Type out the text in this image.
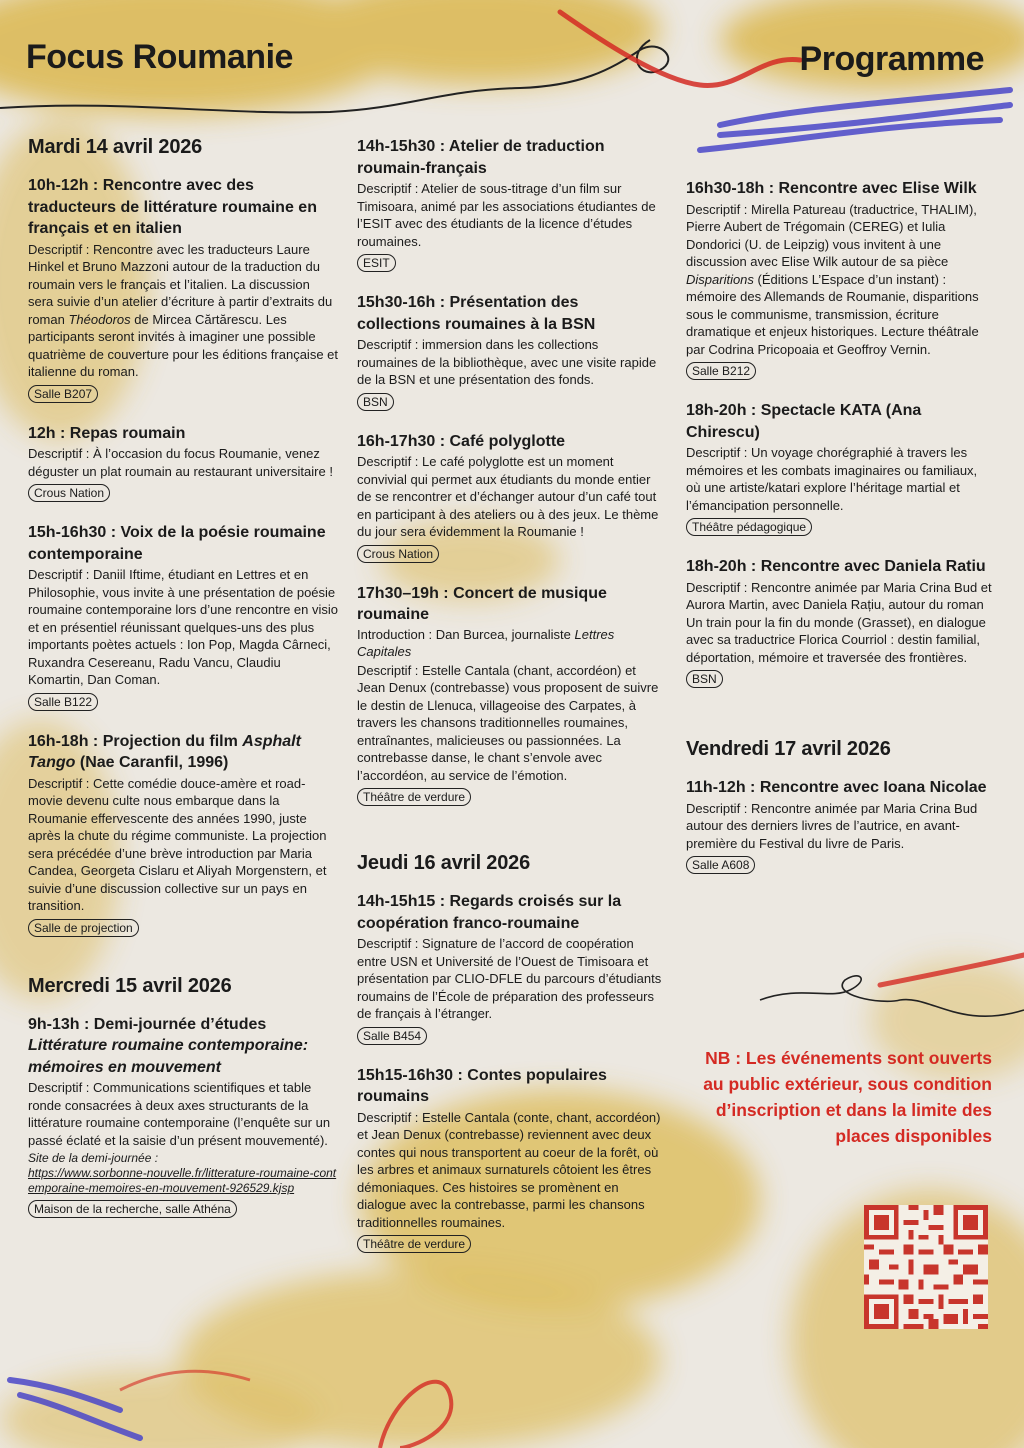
Focus Roumanie	Programme
Mardi 14 avril 2026
10h-12h : Rencontre avec des traducteurs de littérature roumaine en français et en italien
Descriptif : Rencontre avec les traducteurs Laure Hinkel et Bruno Mazzoni autour de la traduction du roumain vers le français et l’italien. La discussion sera suivie d’un atelier d’écriture à partir d’extraits du roman Théodoros de Mircea Cărtărescu. Les participants seront invités à imaginer une possible quatrième de couverture pour les éditions française et italienne du roman.
Salle B207
12h : Repas roumain
Descriptif : À l’occasion du focus Roumanie, venez déguster un plat roumain au restaurant universitaire !
Crous Nation
15h-16h30 : Voix de la poésie roumaine contemporaine
Descriptif : Daniil Iftime, étudiant en Lettres et en Philosophie, vous invite à une présentation de poésie roumaine contemporaine lors d’une rencontre en visio et en présentiel réunissant quelques-uns des plus importants poètes actuels : Ion Pop, Magda Cârneci, Ruxandra Cesereanu, Radu Vancu, Claudiu Komartin, Dan Coman.
Salle B122
16h-18h : Projection du film Asphalt Tango (Nae Caranfil, 1996)
Descriptif : Cette comédie douce-amère et road-movie devenu culte nous embarque dans la Roumanie effervescente des années 1990, juste après la chute du régime communiste. La projection sera précédée d’une brève introduction par Maria Candea, Georgeta Cislaru et Aliyah Morgenstern, et suivie d’une discussion collective sur un pays en transition.
Salle de projection
Mercredi 15 avril 2026
9h-13h : Demi-journée d’études
Littérature roumaine contemporaine: mémoires en mouvement
Descriptif : Communications scientifiques et table ronde consacrées à deux axes structurants de la littérature roumaine contemporaine (l’enquête sur un passé éclaté et la saisie d’un présent mouvementé).
Site de la demi-journée :
https://www.sorbonne-nouvelle.fr/litterature-roumaine-contemporaine-memoires-en-mouvement-926529.kjsp
Maison de la recherche, salle Athéna
14h-15h30 : Atelier de traduction roumain-français
Descriptif : Atelier de sous-titrage d’un film sur Timisoara, animé par les associations étudiantes de l’ESIT avec des étudiants de la licence d’études roumaines.
ESIT
15h30-16h : Présentation des collections roumaines à la BSN
Descriptif : immersion dans les collections roumaines de la bibliothèque, avec une visite rapide de la BSN et une présentation des fonds.
BSN
16h-17h30 : Café polyglotte
Descriptif : Le café polyglotte est un moment convivial qui permet aux étudiants du monde entier de se rencontrer et d’échanger autour d’un café tout en participant à des ateliers ou à des jeux. Le thème du jour sera évidemment la Roumanie !
Crous Nation
17h30–19h : Concert de musique roumaine
Introduction : Dan Burcea, journaliste Lettres Capitales
Descriptif : Estelle Cantala (chant, accordéon) et Jean Denux (contrebasse) vous proposent de suivre le destin de Llenuca, villageoise des Carpates, à travers les chansons traditionnelles roumaines, entraînantes, malicieuses ou passionnées. La contrebasse danse, le chant s’envole avec l’accordéon, au service de l’émotion.
Théâtre de verdure
Jeudi 16 avril 2026
14h-15h15 : Regards croisés sur la coopération franco-roumaine
Descriptif : Signature de l’accord de coopération entre USN et Université de l’Ouest de Timisoara et présentation par CLIO-DFLE du parcours d’étudiants roumains de l’École de préparation des professeurs de français à l’étranger.
Salle B454
15h15-16h30 : Contes populaires roumains
Descriptif : Estelle Cantala (conte, chant, accordéon) et Jean Denux (contrebasse) reviennent avec deux contes qui nous transportent au coeur de la forêt, où les arbres et animaux surnaturels côtoient les êtres démoniaques. Ces histoires se promènent en dialogue avec la contrebasse, parmi les chansons traditionnelles roumaines.
Théâtre de verdure
16h30-18h : Rencontre avec Elise Wilk
Descriptif : Mirella Patureau (traductrice, THALIM), Pierre Aubert de Trégomain (CEREG) et Iulia Dondorici (U. de Leipzig) vous invitent à une discussion avec Elise Wilk autour de sa pièce Disparitions (Éditions L’Espace d’un instant) : mémoire des Allemands de Roumanie, disparitions sous le communisme, transmission, écriture dramatique et enjeux historiques. Lecture théâtrale par Codrina Pricopoaia et Geoffroy Vernin.
Salle B212
18h-20h : Spectacle KATA (Ana Chirescu)
Descriptif : Un voyage chorégraphié à travers les mémoires et les combats imaginaires ou familiaux, où une artiste/katari explore l’héritage martial et l’émancipation personnelle.
Théâtre pédagogique
18h-20h : Rencontre avec Daniela Ratiu
Descriptif : Rencontre animée par Maria Crina Bud et Aurora Martin, avec Daniela Rațiu, autour du roman Un train pour la fin du monde (Grasset), en dialogue avec sa traductrice Florica Courriol : destin familial, déportation, mémoire et traversée des frontières.
BSN
Vendredi 17 avril 2026
11h-12h : Rencontre avec Ioana Nicolae
Descriptif : Rencontre animée par Maria Crina Bud autour des derniers livres de l’autrice, en avant-première du Festival du livre de Paris.
Salle A608
NB : Les événements sont ouverts au public extérieur, sous condition d’inscription et dans la limite des places disponibles
